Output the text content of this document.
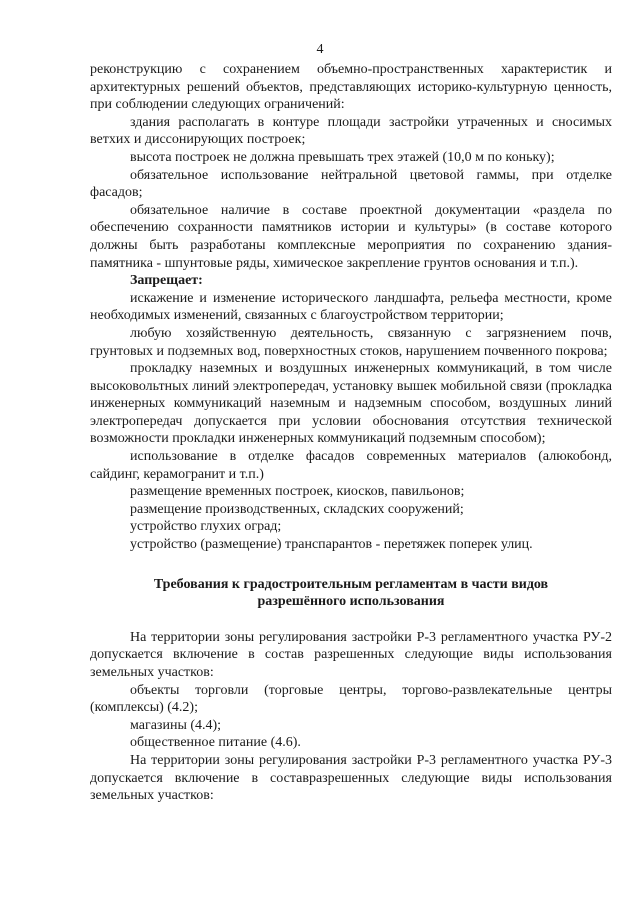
4

реконструкцию с сохранением объемно-пространственных характеристик и архитектурных решений объектов, представляющих историко-культурную ценность, при соблюдении следующих ограничений:

здания располагать в контуре площади застройки утраченных и сносимых ветхих и диссонирующих построек;

высота построек не должна превышать трех этажей (10,0 м по коньку);

обязательное использование нейтральной цветовой гаммы, при отделке фасадов;

обязательное наличие в составе проектной документации «раздела по обеспечению сохранности памятников истории и культуры» (в составе которого должны быть разработаны комплексные мероприятия по сохранению здания-памятника - шпунтовые ряды, химическое закрепление грунтов основания и т.п.).

Запрещает:

искажение и изменение исторического ландшафта, рельефа местности, кроме необходимых изменений, связанных с благоустройством территории;

любую хозяйственную деятельность, связанную с загрязнением почв, грунтовых и подземных вод, поверхностных стоков, нарушением почвенного покрова;

прокладку наземных и воздушных инженерных коммуникаций, в том числе высоковольтных линий электропередач, установку вышек мобильной связи (прокладка инженерных коммуникаций наземным и надземным способом, воздушных линий электропередач допускается при условии обоснования отсутствия технической возможности прокладки инженерных коммуникаций подземным способом);

использование в отделке фасадов современных материалов (алюкобонд, сайдинг, керамогранит и т.п.)

размещение временных построек, киосков, павильонов;

размещение производственных, складских сооружений;

устройство глухих оград;

устройство (размещение) транспарантов - перетяжек поперек улиц.

Требования к градостроительным регламентам в части видов разрешённого использования

На территории зоны регулирования застройки Р-3 регламентного участка РУ-2 допускается включение в состав разрешенных следующие виды использования земельных участков:

объекты торговли (торговые центры, торгово-развлекательные центры (комплексы) (4.2);

магазины (4.4);

общественное питание (4.6).

На территории зоны регулирования застройки Р-3 регламентного участка РУ-3 допускается включение в составразрешенных следующие виды использования земельных участков:
